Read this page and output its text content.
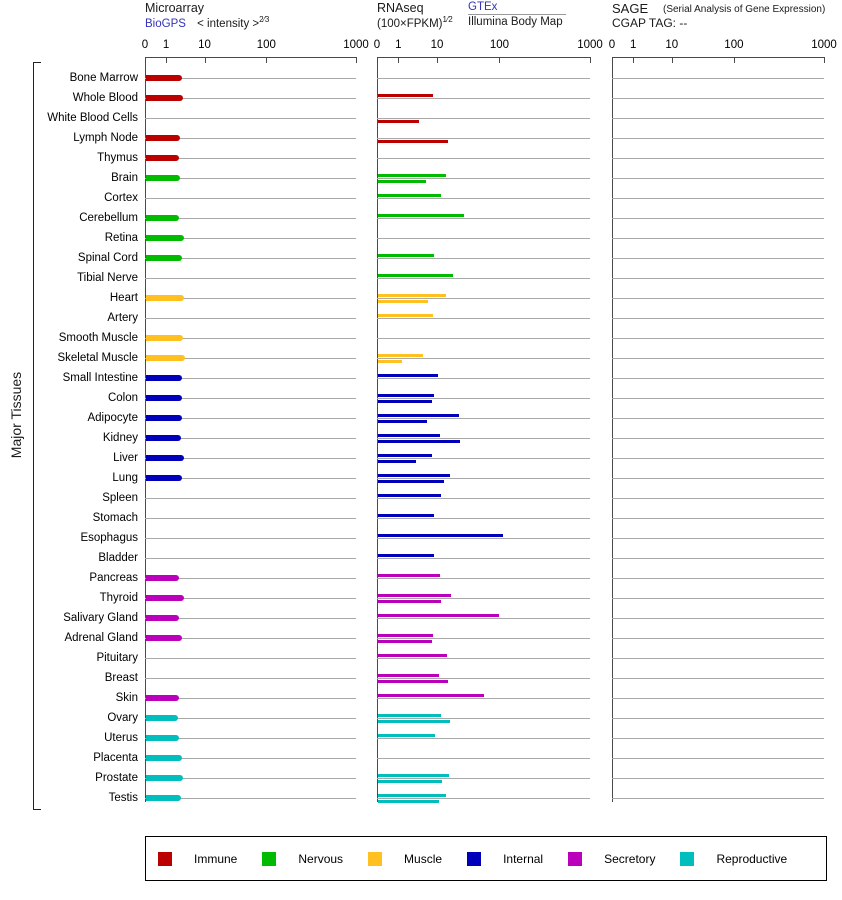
Microarray
BioGPS < intensity >$^{2⁄3}$
RNAseq
(100×FPKM)$^{1⁄2}$
GTEx
Illumina Body Map
SAGE (Serial Analysis of Gene Expression)
CGAP TAG: --
Major Tissues
0 1	10	100	1000 0 1	10	100	1000 0 1	10	100	1000
Bone Marrow
Whole Blood
White Blood Cells
Lymph Node
Thymus
Brain
Cortex
Cerebellum
Retina
Spinal Cord
Tibial Nerve
Heart
Artery
Smooth Muscle
Skeletal Muscle
Small Intestine
Colon
Adipocyte
Kidney
Liver
Lung
Spleen
Stomach
Esophagus
Bladder
Pancreas
Thyroid
Salivary Gland
Adrenal Gland
Pituitary
Breast
Skin
Ovary
Uterus
Placenta
Prostate
Testis
Immune	Nervous	Muscle	Internal	Secretory	Reproductive
